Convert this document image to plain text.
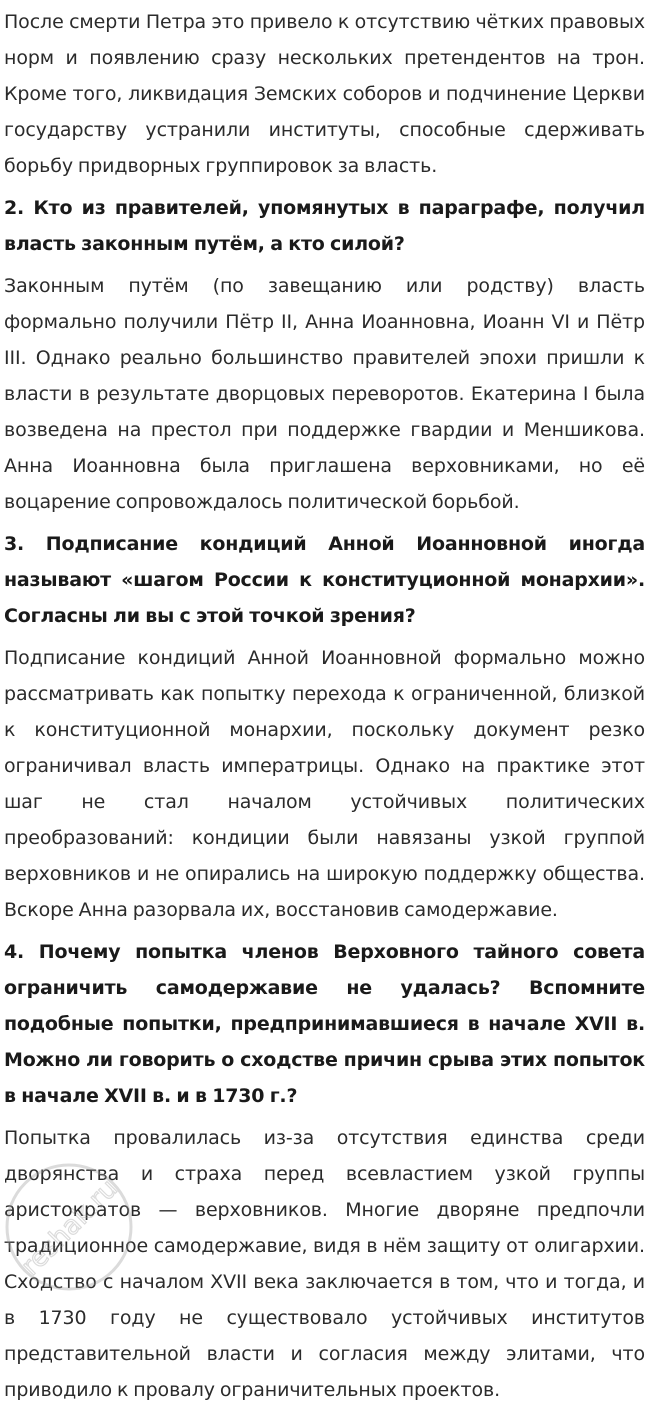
После смерти Петра это привело к отсутствию чётких правовых норм и появлению сразу нескольких претендентов на трон. Кроме того, ликвидация Земских соборов и подчинение Церкви государству устранили институты, способные сдерживать борьбу придворных группировок за власть.

2. Кто из правителей, упомянутых в параграфе, получил власть законным путём, а кто силой?

Законным путём (по завещанию или родству) власть формально получили Пётр II, Анна Иоанновна, Иоанн VI и Пётр III. Однако реально большинство правителей эпохи пришли к власти в результате дворцовых переворотов. Екатерина I была возведена на престол при поддержке гвардии и Меншикова. Анна Иоанновна была приглашена верховниками, но её воцарение сопровождалось политической борьбой.

3. Подписание кондиций Анной Иоанновной иногда называют «шагом России к конституционной монархии». Согласны ли вы с этой точкой зрения?

Подписание кондиций Анной Иоанновной формально можно рассматривать как попытку перехода к ограниченной, близкой к конституционной монархии, поскольку документ резко ограничивал власть императрицы. Однако на практике этот шаг не стал началом устойчивых политических преобразований: кондиции были навязаны узкой группой верховников и не опирались на широкую поддержку общества. Вскоре Анна разорвала их, восстановив самодержавие.

4. Почему попытка членов Верховного тайного совета ограничить самодержавие не удалась? Вспомните подобные попытки, предпринимавшиеся в начале XVII в. Можно ли говорить о сходстве причин срыва этих попыток в начале XVII в. и в 1730 г.?

Попытка провалилась из-за отсутствия единства среди дворянства и страха перед всевластием узкой группы аристократов — верховников. Многие дворяне предпочли традиционное самодержавие, видя в нём защиту от олигархии. Сходство с началом XVII века заключается в том, что и тогда, и в 1730 году не существовало устойчивых институтов представительной власти и согласия между элитами, что приводило к провалу ограничительных проектов.

reshak.ru
